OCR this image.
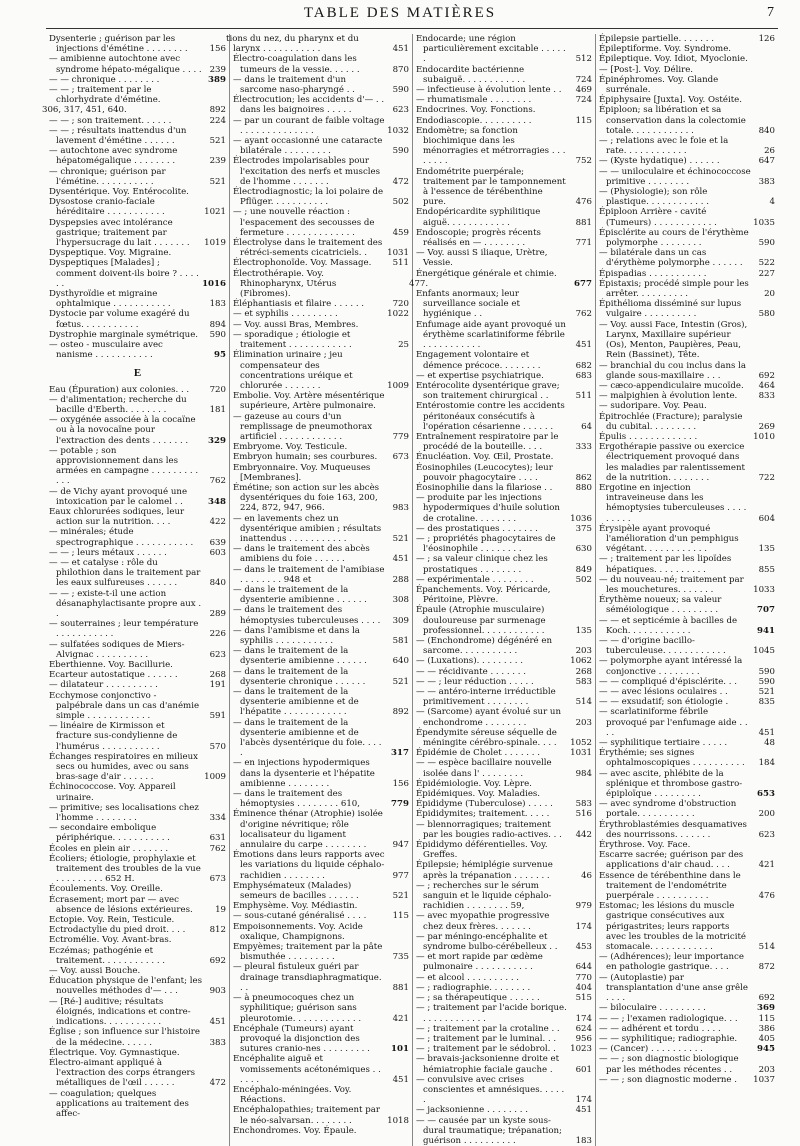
TABLE DES MATIÈRES	7
Dysenterie ; guérison par les injections d'émétine . . . . . . . .	156
— amibienne autochtone avec syndrome hépato-mégalique . . . . 239
— — chronique . . . . . . . .	389
— — ; traitement par le chlorhydrate d'émétine.
306, 317, 451, 640.	892
— — ; son traitement. . . . . .	224
— — ; résultats inattendus d'un lavement d'émétine . . . . . .	521
— autochtone avec syndrome hépatomégalique . . . . . . . .	239
— chronique; guérison par l'émétine. . . . . . . . . . .	521
Dysentérique. Voy. Entérocolite.
Dysostose cranio-faciale héréditaire . . . . . . . . . . .	1021
Dyspepsies avec intolérance gastrique; traitement par l'hypersucrage du lait . . . . . . .	1019
Dyspeptique. Voy. Migraine.
Dyspeptiques [Malades] ; comment doivent-ils boire ? . . . . . .	1016
Dysthyroïdie et migraine ophtalmique . . . . . . . . . . .	183
Dystocie par volume exagéré du fœtus. . . . . . . . . . .	894
Dystrophie marginale symétrique.	590
— osteo - musculaire avec nanisme . . . . . . . . . . .	95
E
Eau (Épuration) aux colonies. . .	720
— d'alimentation; recherche du bacille d'Eberth. . . . . . . .	181
— oxygénée associée à la cocaïne ou à la novocaïne pour l'extraction des dents . . . . . . .	329
— potable ; son approvisionnement dans les armées en campagne . . . . . . . . . . . .	762
— de Vichy ayant provoqué une intoxication par le calomel . .	348
Eaux chlorurées sodiques, leur action sur la nutrition. . . .	422
— minérales; étude spectrographique . . . . . . . . . . .	639
— — ; leurs métaux . . . . . .	603
— — et catalyse : rôle du philothion dans le traitement par les eaux sulfureuses . . . . . .	840
— — ; existe-t-il une action désanaphylactisante propre aux . .	289
— souterraines ; leur température . . . . . . . . . . .	226
— sulfatées sodiques de Miers-Alvignac . . . . . . . . . .	623
Eberthienne. Voy. Bacillurie.
Ecarteur autostatique . . . . . .	268
— dilatateur . . . . . . . . . .	191
Ecchymose conjonctivo - palpébrale dans un cas d'anémie simple . . . . . . . . . . . .	591
— linéaire de Kirmisson et fracture sus-condylienne de l'humérus . . . . . . . . . . .	570
Échanges respiratoires en milieux secs ou humides, avec ou sans bras-sage d'air . . . . . .	1009
Échinococcose. Voy. Appareil urinaire.
— primitive; ses localisations chez l'homme . . . . . . . .	334
— secondaire embolique périphérique. . . . . . . . . . .	631
Écoles en plein air . . . . . . .	762
Écoliers; étiologie, prophylaxie et traitement des troubles de la vue . . . . . . . . . 652 H.	673
Écoulements. Voy. Oreille.
Écrasement; mort par — avec absence de lésions extérieures.	19
Ectopie. Voy. Rein, Testicule.
Ectrodactylie du pied droit. . . .	812
Ectromélie. Voy. Avant-bras.
Eczémas; pathogénie et traitement. . . . . . . . . . . .	692
— Voy. aussi Bouche.
Éducation physique de l'enfant; les nouvelles méthodes d'— . . .	903
— [Ré-] auditive; résultats éloignés, indications et contre-indications. . . . . . . . . . .	451
Église ; son influence sur l'histoire de la médecine. . . . . .	383
Électrique. Voy. Gymnastique.
Électro-aimant appliqué à l'extraction des corps étrangers métalliques de l'œil . . . . . .	472
— coagulation; quelques applications au traitement des affec-
tions du nez, du pharynx et du larynx . . . . . . . . . . .	451
Électro-coagulation dans les tumeurs de la vessie. . . . . .	870
— dans le traitement d'un sarcome naso-pharyngé . .	590
Électrocution; les accidents d'— . . dans les baignoires . . . . .	623
— par un courant de faible voltage . . . . . . . . . . . . . .	1032
— ayant occasionné une cataracte bilatérale . . . . . . . . .	590
Électrodes impolarisables pour l'excitation des nerfs et muscles de l'homme . . . . . . .	472
Électrodiagnostic; la loi polaire de Pflüger. . . . . . . . . . .	502
— ; une nouvelle réaction : l'espacement des secousses de fermeture . . . . . . . . . . . . .	459
Électrolyse dans le traitement des rétréci-sements cicatriciels. .	1031
Électrophonoïde. Voy. Massage.	511
Électrothérapie. Voy. Rhinopharynx, Utérus (Fibromes).
Éléphantiasis et filaire . . . . . .	720
— et syphilis . . . . . . . . .	1022
— Voy. aussi Bras, Membres.
— sporadique ; étiologie et traitement . . . . . . . . . . . .	25
Élimination urinaire ; jeu compensateur des concentrations uréique et chlorurée . . . . . . .	1009
Embolie. Voy. Artère mésentérique supérieure, Artère pulmonaire.
— gazeuse au cours d'un remplissage de pneumothorax artificiel . . . . . . . . . . . .	779
Embryome. Voy. Testicule.
Embryon humain; ses courbures.	673
Embryonnaire. Voy. Muqueuses [Membranes].
Émétine; son action sur les abcès dysentériques du foie 163, 200, 224, 872, 947, 966.	983
— en lavements chez un dysentérique amibien ; résultats inattendus . . . . . . . . . . .	521
— dans le traitement des abcès amibiens du foie . . . . . .	451
— dans le traitement de l'amibiase . . . . . . . . 948 et	288
— dans le traitement de la dysenterie amibienne . . . . . .	308
— dans le traitement des hémoptysies tuberculeuses . . . .	309
— dans l'amibisme et dans la syphilis . . . . . . . . . . .	581
— dans le traitement de la dysenterie amibienne . . . . . .	640
— dans le traitement de la dysenterie chronique . . . . . .	521
— dans le traitement de la dysenterie amibienne et de l'hépatite . . . . . . . . . . . .	892
— dans le traitement de la dysenterie amibienne et de l'abcès dysentérique du foie. . . . .	317
— en injections hypodermiques dans la dysenterie et l'hépatite amibienne . . . . . . . .	156
— dans le traitement des hémoptysies . . . . . . . . 610,	779
Éminence thénar (Atrophie) isolée d'origine névritique; rôle localisateur du ligament annulaire du carpe . . . . . . . .	947
Émotions dans leurs rapports avec les variations du liquide céphalo-rachidien . . . . . . . .	977
Emphysémateux (Malades) semeurs de bacilles . . . . . .	521
Emphysème. Voy. Médiastin.
— sous-cutané généralisé . . . .	115
Empoisonnements. Voy. Acide oxalique, Champignons.
Empyèmes; traitement par la pâte bismuthée . . . . . . . . .	735
— pleural fistuleux guéri par drainage transdiaphragmatique. . .	881
— à pneumocoques chez un syphilitique; guérison sans pleurotomie. . . . . . . . . . . . .	421
Encéphale (Tumeurs) ayant provoqué la disjonction des sutures cranio-nes . . . . . . . . .	101
Encéphalite aiguë et vomissements acétonémiques . . . . . .	451
Encéphalo-méningées. Voy. Réactions.
Encéphalopathies; traitement par le néo-salvarsan. . . . . . . .	1018
Enchondromes. Voy. Épaule.
Endocarde; une région particulièrement excitable . . . . . .	512
Endocardite bactérienne subaiguë. . . . . . . . . . . .	724
— infectieuse à évolution lente . .	469
— rhumatismale . . . . . . . .	724
Endocrines. Voy. Fonctions.
Endodiascopie. . . . . . . . . .	115
Endomètre; sa fonction biochimique dans les ménorragies et métrorragies . . . . . . . .	752
Endométrite puerpérale; traitement par le tamponnement à l'essence de térébenthine pure.	476
Endopéricardite syphilitique aiguë. . . . . . . . . . . .	881
Endoscopie; progrès récents réalisés en — . . . . . . . .	771
— Voy. aussi S iliaque, Urètre, Vessie.
Énergétique générale et chimie.
477.	677
Enfants anormaux; leur surveillance sociale et hygiénique . .	762
Enfumage aide ayant provoqué un érythème scarlatiniforme fébrile . . . . . . . . . . .	451
Engagement volontaire et démence précoce. . . . . . . .	682
— et expertise psychiatrique.	683
Entérocolite dysentérique grave; son traitement chirurgical . .	511
Entérostomie contre les accidents péritonéaux consécutifs à l'opération césarienne . . . . . .	64
Entraînement respiratoire par le procédé de la bouteille. . . .	333
Énucléation. Voy. Œil, Prostate.
Éosinophiles (Leucocytes); leur pouvoir phagocytaire . . . .	862
Éosinophilie dans la filariose . .	880
— produite par les injections hypodermiques d'huile solution de crotaline. . . . . . . .	1036
— des prostatiques . . . . . . .	375
— ; propriétés phagocytaires de l'éosinophile . . . . . . . .	630
— ; sa valeur clinique chez les prostatiques . . . . . . . .	849
— expérimentale . . . . . . . .	502
Épanchements. Voy. Péricarde, Péritoine, Plèvre.
Épaule (Atrophie musculaire) douloureuse par surmenage professionnel. . . . . . . . . . . .	135
— (Enchondrome) dégénéré en sarcome. . . . . . . . . . .	203
— (Luxations). . . . . . . . .	1062
— — récidivante . . . . . . .	268
— — ; leur réduction . . . . .	583
— — antéro-interne irréductible primitivement . . . . . . . .	514
— (Sarcome) ayant évolué sur un enchondrome . . . . . . . .	203
Épendymite séreuse séquelle de méningite cérébro-spinale. . . .	1052
Épidémie de Cholet . . . . . . .	1031
— — espèce bacillaire nouvelle isolée dans l' . . . . . . . .	984
Épidémiologie. Voy. Lèpre.
Épidémiques. Voy. Maladies.
Épididyme (Tuberculose) . . . . .	583
Épididymites; traitement. . . . .	516
— blennorragiques; traitement par les bougies radio-actives. . .	442
Épididymo déférentielles. Voy. Greffes.
Épilepsie; hémiplégie survenue après la trépanation . . . . . . .	46
— ; recherches sur le sérum sanguin et le liquide céphalo-rachidien . . . . . . . . 59,	979
— avec myopathie progressive chez deux frères. . . . . . .	174
— par méningo-encéphalite et syndrome bulbo-cérébelleux . .	453
— et mort rapide par œdème pulmonaire . . . . . . . . . . .	644
— et alcool . . . . . . . . . .	770
— ; radiographie. . . . . . . .	404
— ; sa thérapeutique . . . . . .	515
— ; traitement par l'acide borique. . . . . . . . . . . . .	174
— ; traitement par la crotaline . .	624
— ; traitement par le luminal. . .	956
— ; traitement par le sédobrol. .	1023
— bravais-jacksonienne droite et hémiatrophie faciale gauche .	601
— convulsive avec crises conscientes et amnésiques. . . . . .	174
— jacksonienne . . . . . . . .	451
— — causée par un kyste sous-dural traumatique; trépanation; guérison . . . . . . . . . .	183
Épilepsie partielle. . . . . . .	126
Épileptiforme. Voy. Syndrome.
Épileptique. Voy. Idiot, Myoclonie.
— [Post-]. Voy. Délire.
Épinéphromes. Voy. Glande surrénale.
Épiphysaire [Juxta]. Voy. Ostéite.
Épiploon; sa libération et sa conservation dans la colectomie totale. . . . . . . . . . . .	840
— ; relations avec le foie et la rate. . . . . . . . . . . .	26
— (Kyste hydatique) . . . . . .	647
— — uniloculaire et échinococcose primitive . . . . . . . .	383
— (Physiologie); son rôle plastique. . . . . . . . . . . .	4
Épiploon Arrière - cavité (Tumeurs) . . . . . . . . . . . .	1035
Épisclérite au cours de l'érythème polymorphe . . . . . . . .	590
— bilatérale dans un cas d'érythème polymorphe . . . . . .	522
Épispadias . . . . . . . . . . .	227
Épistaxis; procédé simple pour les arrêter. . . . . . . . . .	20
Épithélioma disséminé sur lupus vulgaire . . . . . . . . . .	580
— Voy. aussi Face, Intestin (Gros), Larynx, Maxillaire supérieur (Os), Menton, Paupières, Peau, Rein (Bassinet), Tête.
— branchial du cou inclus dans la glande sous-maxillaire . . .	692
— cæco-appendiculaire mucoïde.	464
— malpighien à évolution lente.	833
— sudoripare. Voy. Peau.
Épitrochlée (Fracture); paralysie du cubital. . . . . . . . .	269
Épulis . . . . . . . . . . . . .	1010
Ergothérapie passive ou exercice électriquement provoqué dans les maladies par ralentissement de la nutrition. . . . . . . .	722
Ergotine en injection intraveineuse dans les hémoptysies tuberculeuses . . . . . . . . .	604
Érysipèle ayant provoqué l'amélioration d'un pemphigus végétant. . . . . . . . . . . .	135
— ; traitement par les lipoïdes hépatiques. . . . . . . . . .	855
— du nouveau-né; traitement par les mouchetures. . . . . . .	1033
Érythème noueux; sa valeur séméiologique . . . . . . . . .	707
— — et septicémie à bacilles de Koch. . . . . . . . . . . .	941
— — d'origine bacillo-tuberculeuse. . . . . . . . . . . .	1045
— polymorphe ayant intéressé la conjonctive . . . . . . . .	590
— — compliqué d'épisclérite. . .	590
— — avec lésions oculaires . .	521
— — exsudatif; son étiologie .	835
— scarlatiniforme fébrile provoqué par l'enfumage aide . . . .	451
— syphilitique tertiaire . . . . .	48
Érythémie; ses signes ophtalmoscopiques . . . . . . . . . .	184
— avec ascite, phlébite de la splénique et thrombose gastro-épiploïque . . . . . . . . .	653
— avec syndrome d'obstruction portale. . . . . . . . . . .	200
Érythroblastémies desquamatives des nourrissons. . . . . . .	623
Érythrose. Voy. Face.
Escarre sacrée; guérison par des applications d'air chaud. . . .	421
Essence de térébenthine dans le traitement de l'endométrite puerpérale . . . . . . . . . .	476
Estomac; les lésions du muscle gastrique consécutives aux périgastrites; leurs rapports avec les troubles de la motricité stomacale. . . . . . . . . . . .	514
— (Adhérences); leur importance en pathologie gastrique. . . .	872
— (Autoplastie) par transplantation d'une anse grêle . . . .	692
— biloculaire . . . . . . . . .	369
— — ; l'examen radiologique. . .	115
— — adhérent et tordu . . . .	386
— — syphilitique; radiographie.	405
— (Cancer) . . . . . . . . . .	945
— — ; son diagnostic biologique par les méthodes récentes . .	203
— — ; son diagnostic moderne .	1037
